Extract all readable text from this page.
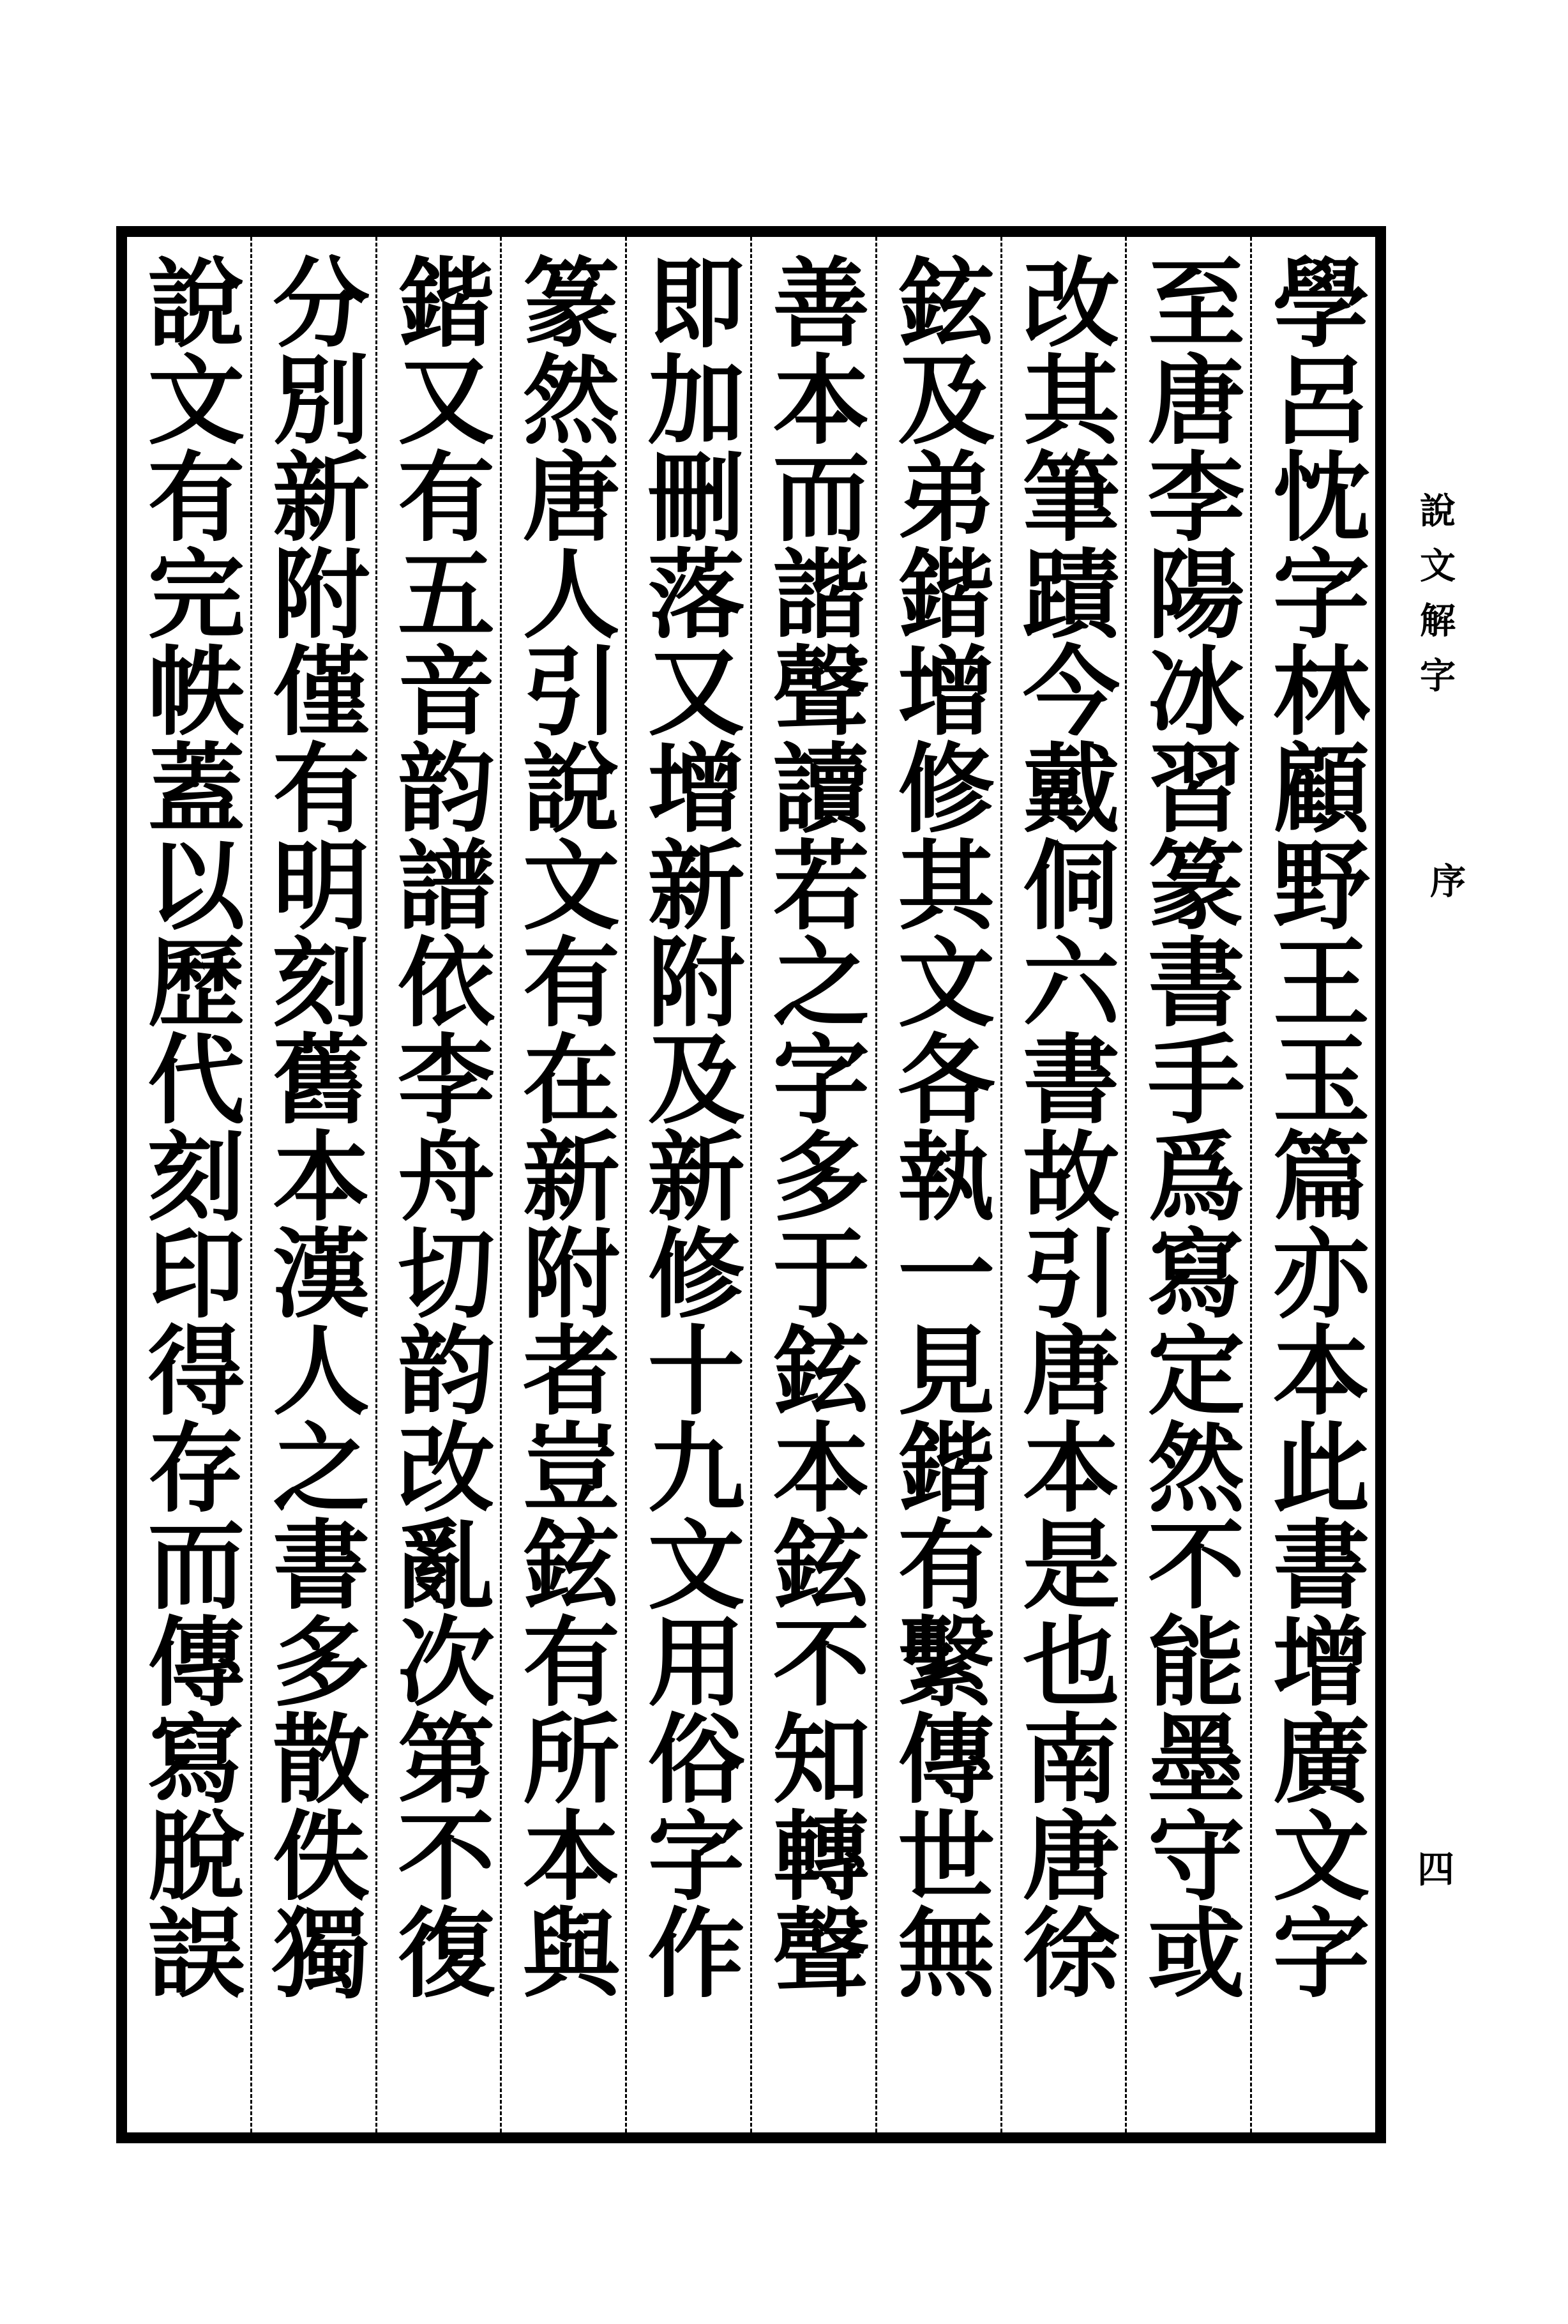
學呂忱字林顧野王玉篇亦本此書增廣文字
至唐李陽冰習篆書手爲寫定然不能墨守或
改其筆蹟今戴侗六書故引唐本是也南唐徐
鉉及弟鍇增修其文各執一見鍇有繫傳世無
善本而諧聲讀若之字多于鉉本鉉不知轉聲
即加刪落又增新附及新修十九文用俗字作
篆然唐人引說文有在新附者豈鉉有所本與
鍇又有五音韵譜依李舟切韵改亂次第不復
分別新附僅有明刻舊本漢人之書多散佚獨
說文有完帙蓋以歷代刻印得存而傳寫脫誤	說文解字
序
四
